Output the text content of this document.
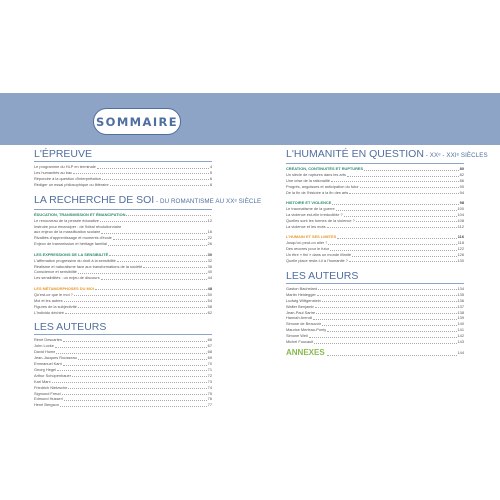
SOMMAIRE
L'ÉPREUVE
Le programme du HLP en terminale	4
Les humanités au bac	5
Répondre à la question d'interprétation	6
Rédiger un essai philosophique ou littéraire	8
LA RECHERCHE DE SOI - DU ROMANTISME AU XXᵉ SIÈCLE
ÉDUCATION, TRANSMISSION ET ÉMANCIPATION
Le renouveau de la pensée éducative	12
Instruire pour émanciper : de l'idéal révolutionnaire
aux enjeux de la massification scolaire	16
Rivalités d'apprentissage et moments d'école	22
Enjeux de transmission et héritage familial	26
LES EXPRESSIONS DE LA SENSIBILITÉ	30
L'affirmation progressive du droit à la sensibilité	32
Réalisme et naturalisme face aux transformations de la société	36
Conscience et sensibilité	40
Les sensibilités : un enjeu de discours	44
LES MÉTAMORPHOSES DU MOI	48
Qu'est-ce que le moi ?	50
Moi et les autres	54
Figures de la subjectivité	58
L'individu déchiré	62
LES AUTEURS
René Descartes	66
John Locke	67
David Hume	68
Jean-Jacques Rousseau	69
Emmanuel Kant	70
Georg Hegel	71
Arthur Schopenhauer	72
Karl Marx	73
Friedrich Nietzsche	74
Sigmund Freud	75
Edmund Husserl	76
Henri Bergson	77
L'HUMANITÉ EN QUESTION - XXᵉ - XXIᵉ SIÈCLES
CRÉATION, CONTINUITÉS ET RUPTURES	80
Un siècle de ruptures dans les arts	82
Une crise de la rationalité	86
Progrès, angoisses et anticipation du futur	90
De la fin de l'histoire à la fin des arts	94
HISTOIRE ET VIOLENCE	98
Le traumatisme de la guerre	100
La violence est-elle irréductible ?	104
Quelles sont les formes de la violence ?	108
La violence et les mots	112
L'HUMAIN ET SES LIMITES	116
Jusqu'où peut-on aller ?	118
Des œuvres pour le futur	122
Un être « fini » dans un monde illimité	126
Quelle place reste-t-il à l'humanité ?	130
LES AUTEURS
Gaston Bachelard	134
Martin Heidegger	135
Ludwig Wittgenstein	136
Walter Benjamin	137
Jean-Paul Sartre	138
Hannah Arendt	139
Simone de Beauvoir	140
Maurice Merleau-Ponty	141
Simone Weil	142
Michel Foucault	143
ANNEXES	144
